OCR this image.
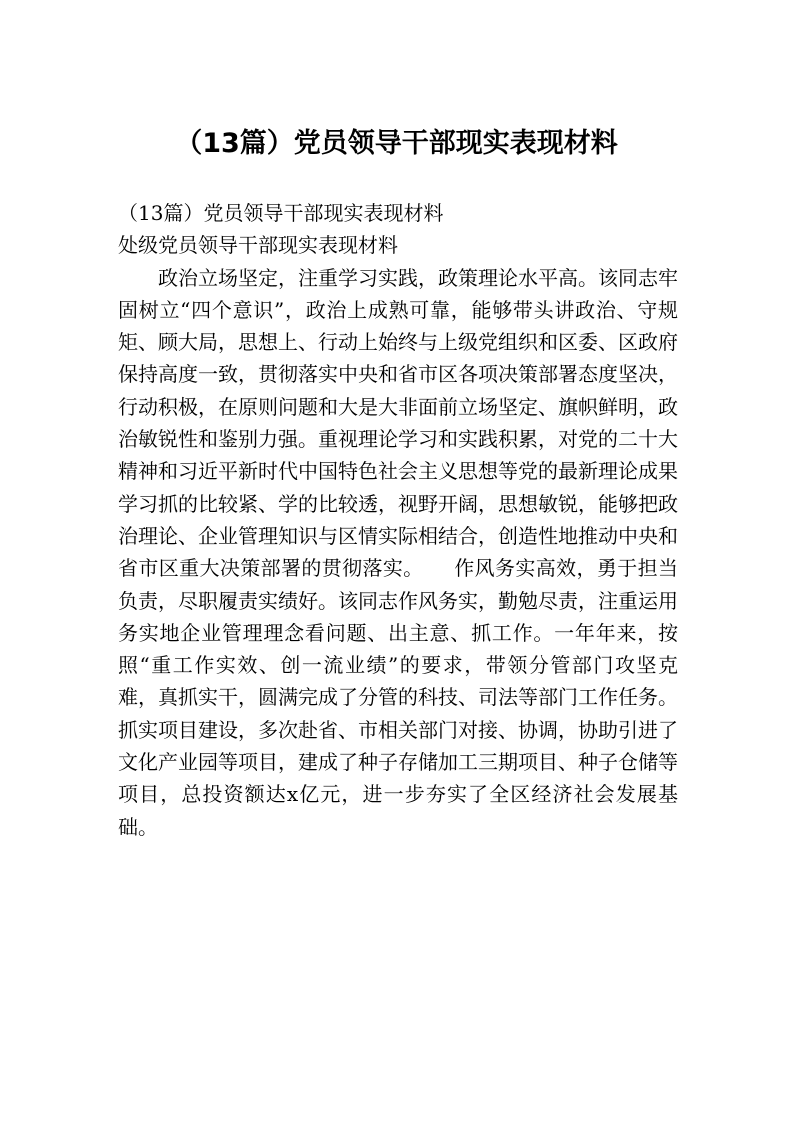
（13篇）党员领导干部现实表现材料

（13篇）党员领导干部现实表现材料

处级党员领导干部现实表现材料

政治立场坚定，注重学习实践，政策理论水平高。该同志牢固树立“四个意识”，政治上成熟可靠，能够带头讲政治、守规矩、顾大局，思想上、行动上始终与上级党组织和区委、区政府保持高度一致，贯彻落实中央和省市区各项决策部署态度坚决，行动积极，在原则问题和大是大非面前立场坚定、旗帜鲜明，政治敏锐性和鉴别力强。重视理论学习和实践积累，对党的二十大精神和习近平新时代中国特色社会主义思想等党的最新理论成果学习抓的比较紧、学的比较透，视野开阔，思想敏锐，能够把政治理论、企业管理知识与区情实际相结合，创造性地推动中央和省市区重大决策部署的贯彻落实。　　作风务实高效，勇于担当负责，尽职履责实绩好。该同志作风务实，勤勉尽责，注重运用务实地企业管理理念看问题、出主意、抓工作。一年年来，按照“重工作实效、创一流业绩”的要求，带领分管部门攻坚克难，真抓实干，圆满完成了分管的科技、司法等部门工作任务。抓实项目建设，多次赴省、市相关部门对接、协调，协助引进了文化产业园等项目，建成了种子存储加工三期项目、种子仓储等项目，总投资额达x亿元，进一步夯实了全区经济社会发展基础。
